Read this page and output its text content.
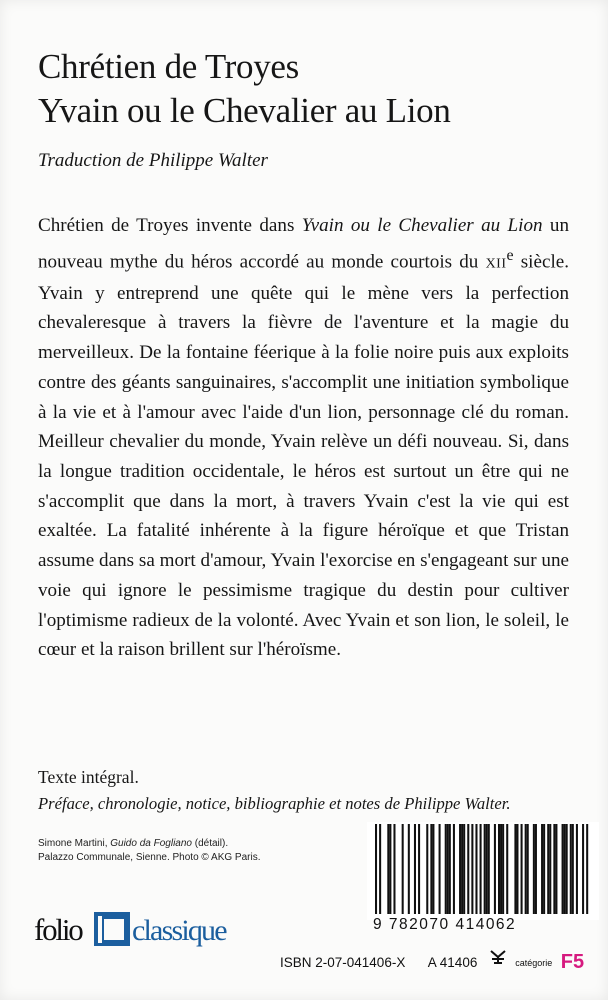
Chrétien de Troyes
Yvain ou le Chevalier au Lion
Traduction de Philippe Walter

Chrétien de Troyes invente dans Yvain ou le Chevalier au Lion un nouveau mythe du héros accordé au monde courtois du XIIe siècle. Yvain y entreprend une quête qui le mène vers la perfection chevaleresque à travers la fièvre de l'aventure et la magie du merveilleux. De la fontaine féerique à la folie noire puis aux exploits contre des géants sanguinaires, s'accomplit une initiation symbolique à la vie et à l'amour avec l'aide d'un lion, personnage clé du roman. Meilleur chevalier du monde, Yvain relève un défi nouveau. Si, dans la longue tradition occidentale, le héros est surtout un être qui ne s'accomplit que dans la mort, à travers Yvain c'est la vie qui est exaltée. La fatalité inhérente à la figure héroïque et que Tristan assume dans sa mort d'amour, Yvain l'exorcise en s'engageant sur une voie qui ignore le pessimisme tragique du destin pour cultiver l'optimisme radieux de la volonté. Avec Yvain et son lion, le soleil, le cœur et la raison brillent sur l'héroïsme.

Texte intégral.
Préface, chronologie, notice, bibliographie et notes de Philippe Walter.
Simone Martini, Guido da Fogliano (détail).
Palazzo Communale, Sienne. Photo © AKG Paris.
folio classique	9 782070 414062
ISBN 2-07-041406-X A 41406	catégorie F5
